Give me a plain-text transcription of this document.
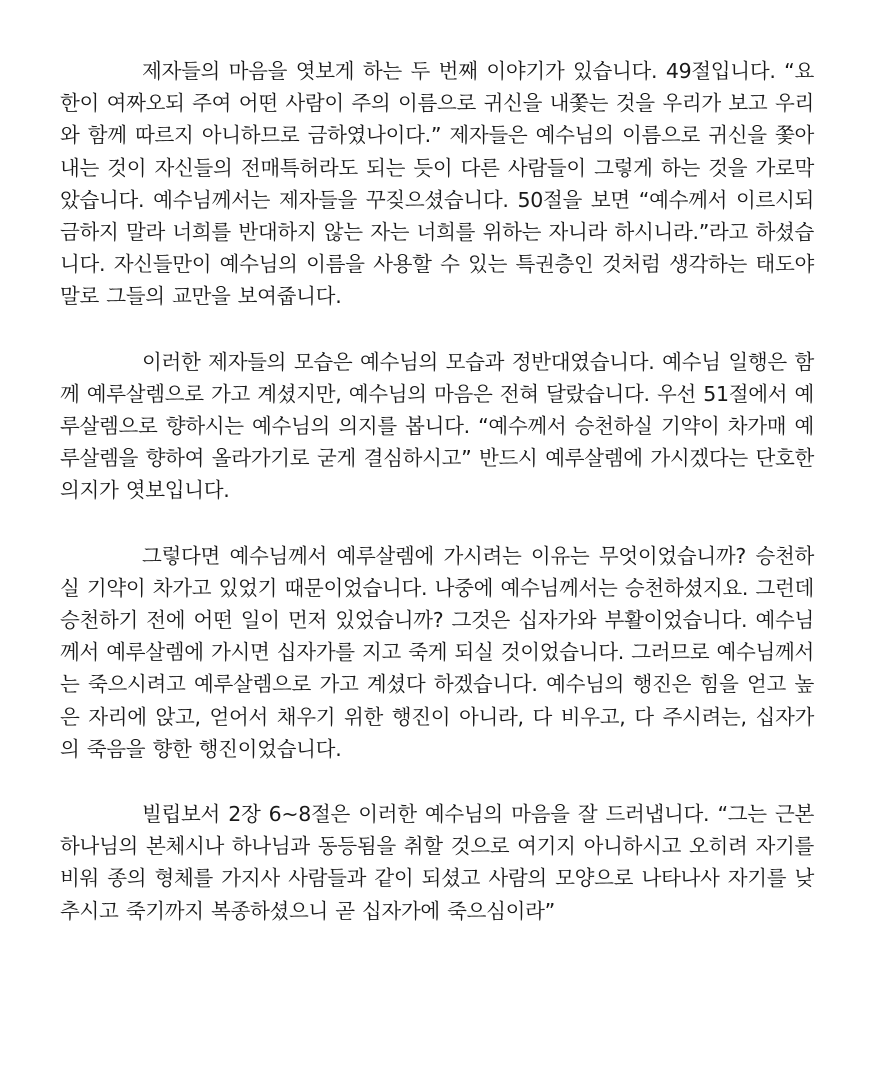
제자들의 마음을 엿보게 하는 두 번째 이야기가 있습니다. 49절입니다. “요한이 여짜오되 주여 어떤 사람이 주의 이름으로 귀신을 내쫓는 것을 우리가 보고 우리와 함께 따르지 아니하므로 금하였나이다.” 제자들은 예수님의 이름으로 귀신을 쫓아내는 것이 자신들의 전매특허라도 되는 듯이 다른 사람들이 그렇게 하는 것을 가로막았습니다. 예수님께서는 제자들을 꾸짖으셨습니다. 50절을 보면 “예수께서 이르시되 금하지 말라 너희를 반대하지 않는 자는 너희를 위하는 자니라 하시니라.”라고 하셨습니다. 자신들만이 예수님의 이름을 사용할 수 있는 특권층인 것처럼 생각하는 태도야말로 그들의 교만을 보여줍니다.

이러한 제자들의 모습은 예수님의 모습과 정반대였습니다. 예수님 일행은 함께 예루살렘으로 가고 계셨지만, 예수님의 마음은 전혀 달랐습니다. 우선 51절에서 예루살렘으로 향하시는 예수님의 의지를 봅니다. “예수께서 승천하실 기약이 차가매 예루살렘을 향하여 올라가기로 굳게 결심하시고” 반드시 예루살렘에 가시겠다는 단호한 의지가 엿보입니다.

그렇다면 예수님께서 예루살렘에 가시려는 이유는 무엇이었습니까? 승천하실 기약이 차가고 있었기 때문이었습니다. 나중에 예수님께서는 승천하셨지요. 그런데 승천하기 전에 어떤 일이 먼저 있었습니까? 그것은 십자가와 부활이었습니다. 예수님께서 예루살렘에 가시면 십자가를 지고 죽게 되실 것이었습니다. 그러므로 예수님께서는 죽으시려고 예루살렘으로 가고 계셨다 하겠습니다. 예수님의 행진은 힘을 얻고 높은 자리에 앉고, 얻어서 채우기 위한 행진이 아니라, 다 비우고, 다 주시려는, 십자가의 죽음을 향한 행진이었습니다.

빌립보서 2장 6~8절은 이러한 예수님의 마음을 잘 드러냅니다. “그는 근본 하나님의 본체시나 하나님과 동등됨을 취할 것으로 여기지 아니하시고 오히려 자기를 비워 종의 형체를 가지사 사람들과 같이 되셨고 사람의 모양으로 나타나사 자기를 낮추시고 죽기까지 복종하셨으니 곧 십자가에 죽으심이라”
